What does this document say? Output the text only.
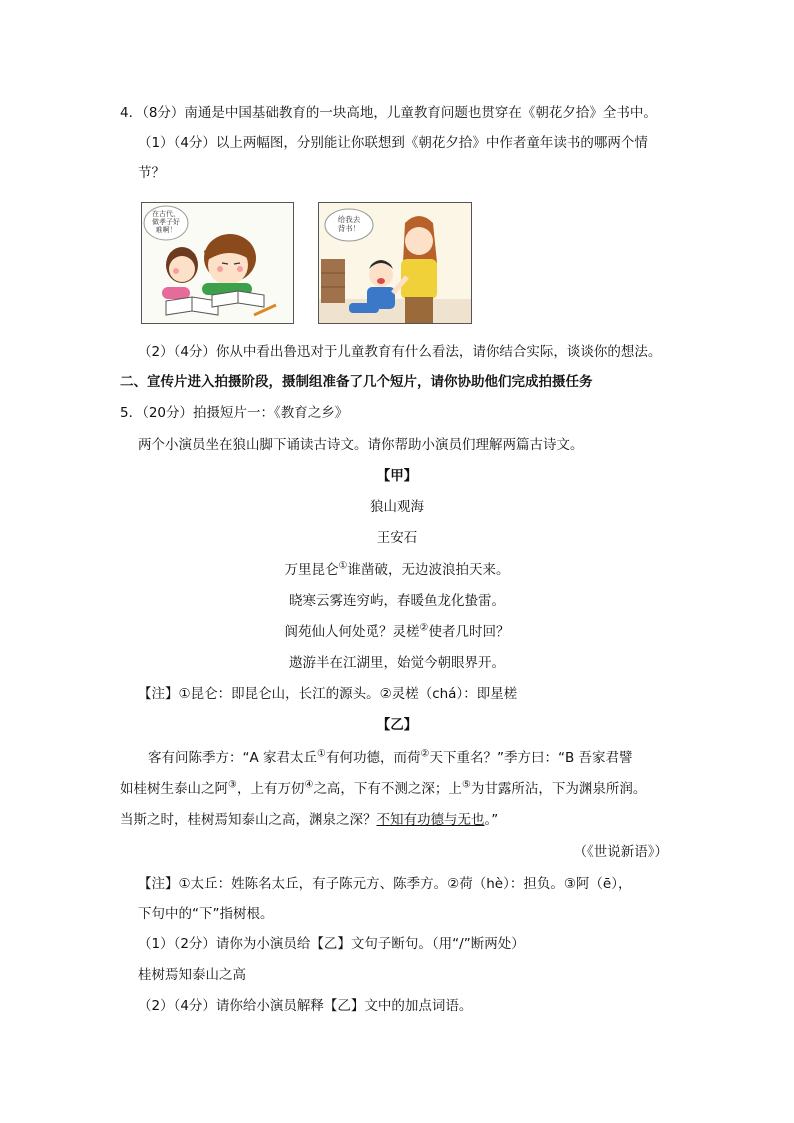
4．（8分）南通是中国基础教育的一块高地，儿童教育问题也贯穿在《朝花夕拾》全书中。
（1）（4分）以上两幅图，分别能让你联想到《朝花夕拾》中作者童年读书的哪两个情
节？
在古代，
做孝子好
难啊！
给我去
背书！
（2）（4分）你从中看出鲁迅对于儿童教育有什么看法，请你结合实际，谈谈你的想法。
二、宣传片进入拍摄阶段，摄制组准备了几个短片，请你协助他们完成拍摄任务
5．（20分）拍摄短片一：《教育之乡》
两个小演员坐在狼山脚下诵读古诗文。请你帮助小演员们理解两篇古诗文。
【甲】
狼山观海
王安石
万里昆仑①谁凿破，无边波浪拍天来。
晓寒云雾连穷屿，春暖鱼龙化蛰雷。
阆苑仙人何处觅？灵槎②使者几时回？
遨游半在江湖里，始觉今朝眼界开。
【注】①昆仑：即昆仑山，长江的源头。②灵槎（chá）：即星槎
【乙】
客有问陈季方：“A 家君太丘①有何功德，而荷②天下重名？”季方曰：“B 吾家君譬
如桂树生泰山之阿③，上有万仞④之高，下有不测之深；上⑤为甘露所沾，下为渊泉所润。
当斯之时，桂树焉知泰山之高，渊泉之深？不知有功德与无也。”
（《世说新语》）
【注】①太丘：姓陈名太丘，有子陈元方、陈季方。②荷（hè）：担负。③阿（ē），
下句中的“下”指树根。
（1）（2分）请你为小演员给【乙】文句子断句。（用“/”断两处）
桂树焉知泰山之高
（2）（4分）请你给小演员解释【乙】文中的加点词语。
